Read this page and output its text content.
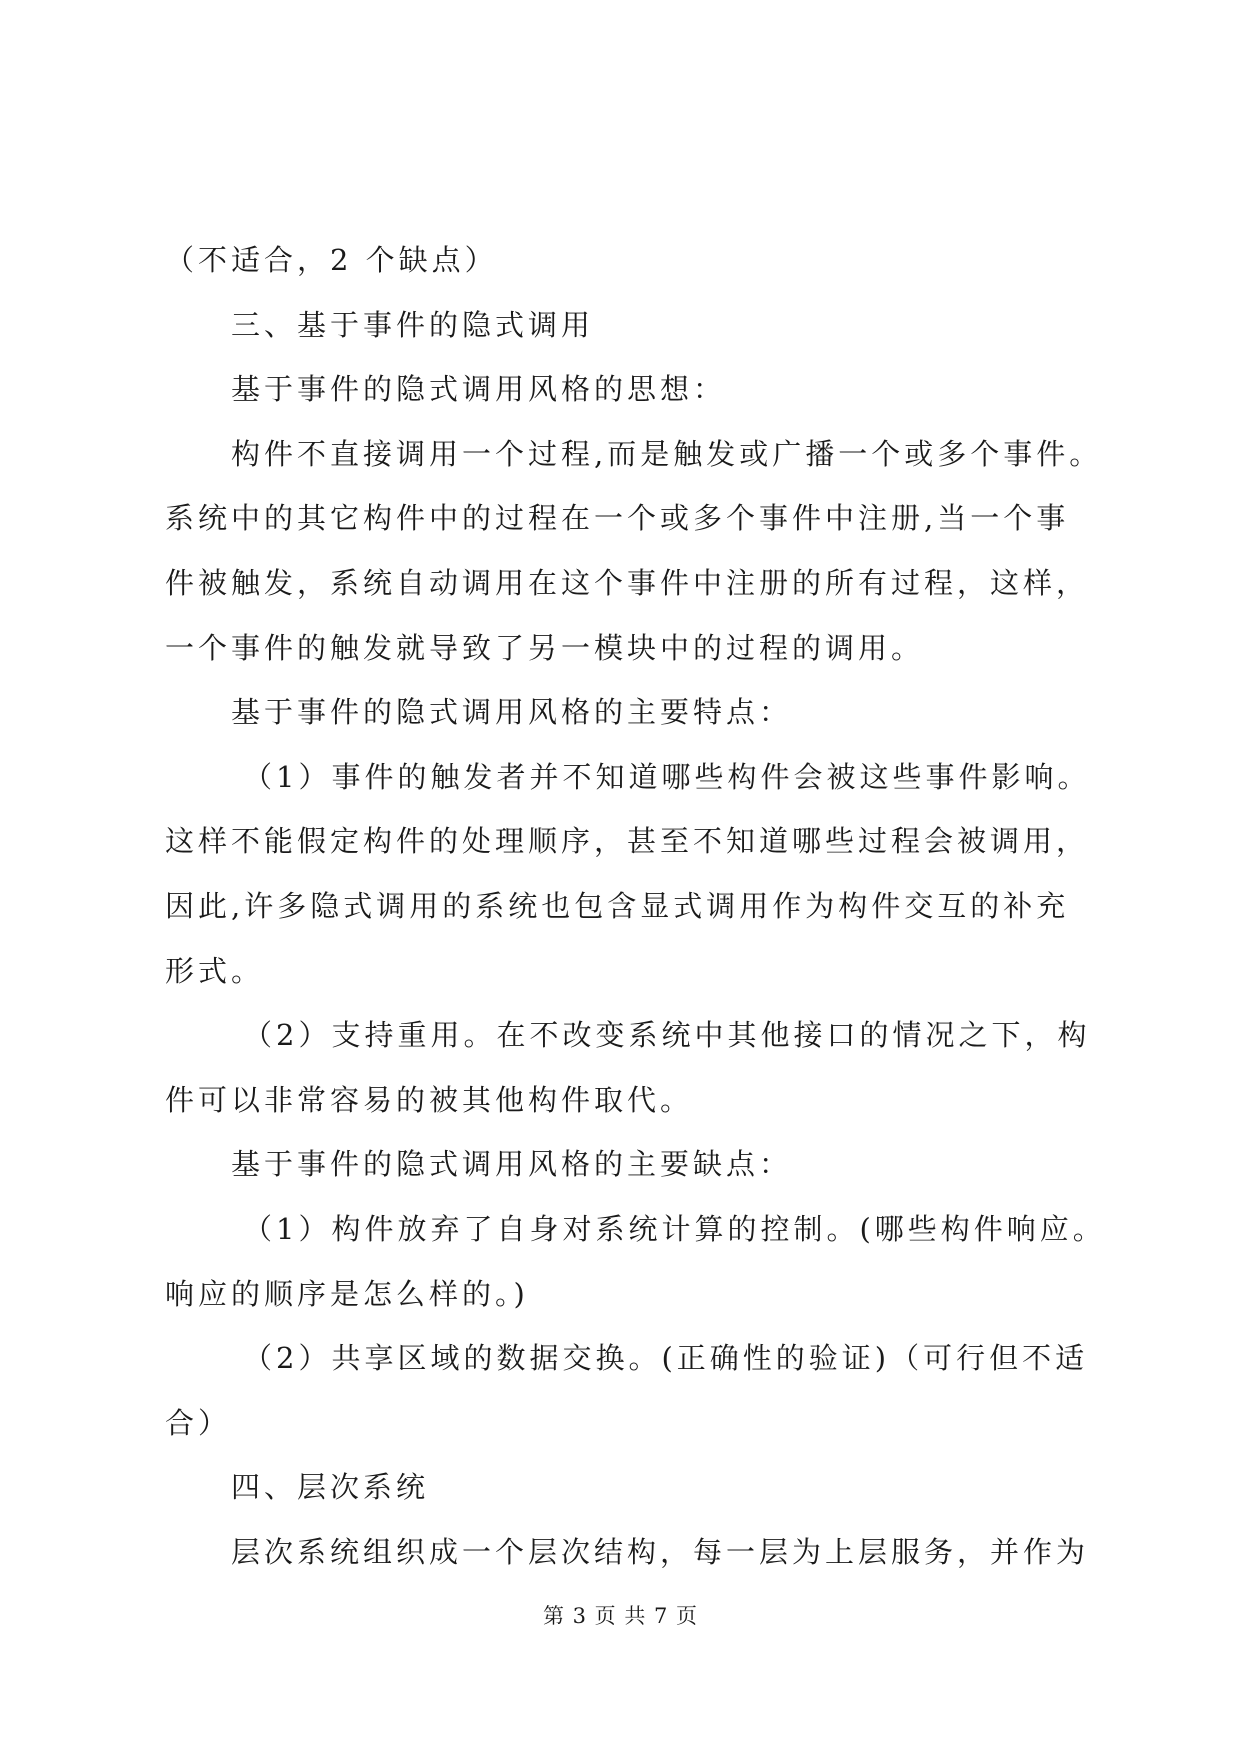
（不适合，2 个缺点）
三、基于事件的隐式调用
基于事件的隐式调用风格的思想：
构件不直接调用一个过程,而是触发或广播一个或多个事件。
系统中的其它构件中的过程在一个或多个事件中注册,当一个事
件被触发，系统自动调用在这个事件中注册的所有过程，这样，
一个事件的触发就导致了另一模块中的过程的调用。
基于事件的隐式调用风格的主要特点：
（1）事件的触发者并不知道哪些构件会被这些事件影响。
这样不能假定构件的处理顺序，甚至不知道哪些过程会被调用，
因此,许多隐式调用的系统也包含显式调用作为构件交互的补充
形式。
（2）支持重用。在不改变系统中其他接口的情况之下，构
件可以非常容易的被其他构件取代。
基于事件的隐式调用风格的主要缺点：
（1）构件放弃了自身对系统计算的控制。(哪些构件响应。
响应的顺序是怎么样的。)
（2）共享区域的数据交换。(正确性的验证)（可行但不适
合）
四、层次系统
层次系统组织成一个层次结构，每一层为上层服务，并作为
第 3 页 共 7 页
